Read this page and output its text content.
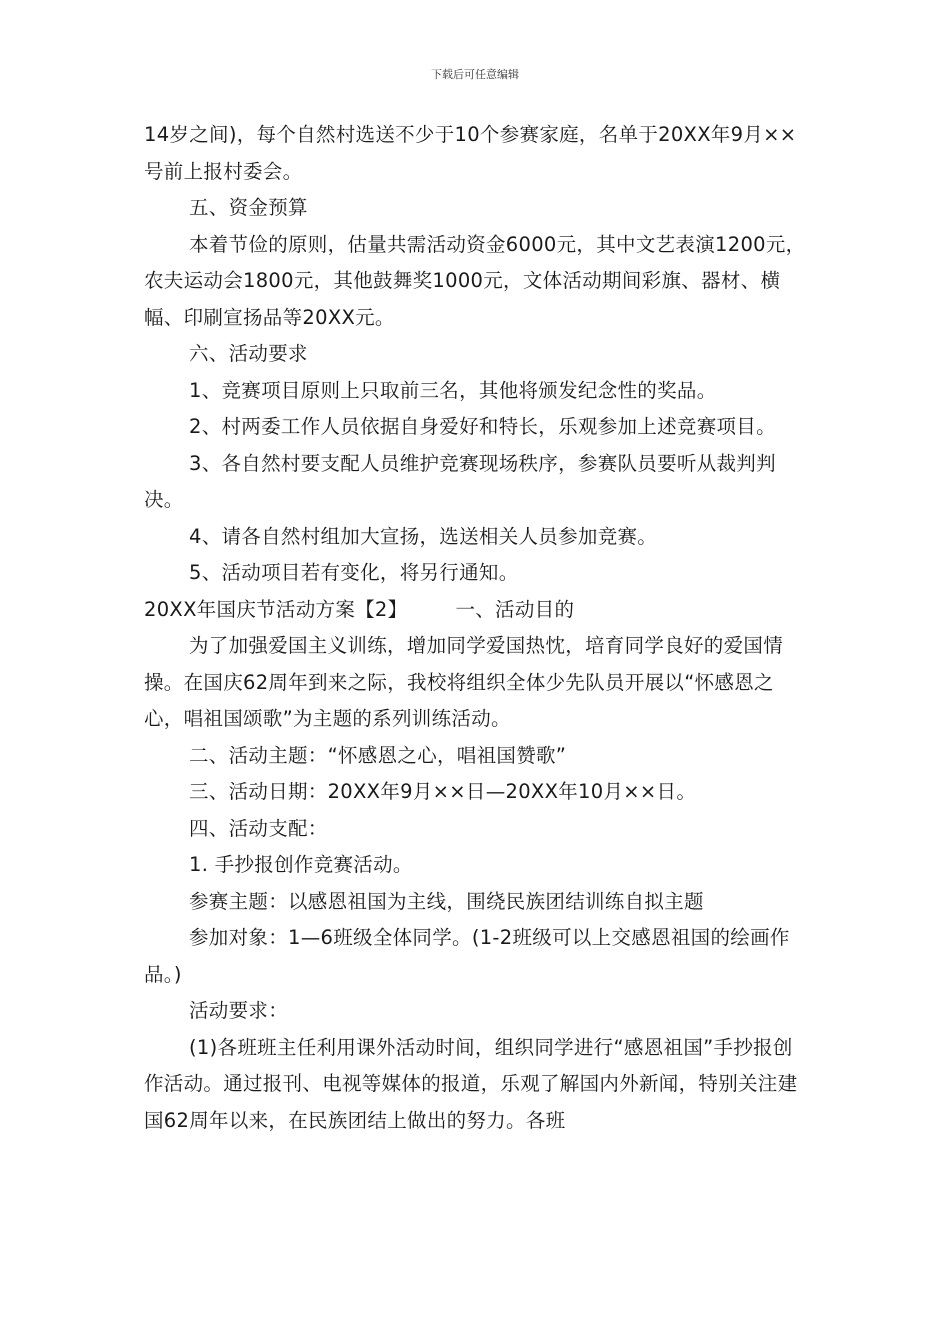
下载后可任意编辑

14岁之间)，每个自然村选送不少于10个参赛家庭，名单于20XX年9月××号前上报村委会。

五、资金预算

本着节俭的原则，估量共需活动资金6000元，其中文艺表演1200元，农夫运动会1800元，其他鼓舞奖1000元，文体活动期间彩旗、器材、横幅、印刷宣扬品等20XX元。

六、活动要求

1、竞赛项目原则上只取前三名，其他将颁发纪念性的奖品。

2、村两委工作人员依据自身爱好和特长，乐观参加上述竞赛项目。

3、各自然村要支配人员维护竞赛现场秩序，参赛队员要听从裁判判决。

4、请各自然村组加大宣扬，选送相关人员参加竞赛。

5、活动项目若有变化，将另行通知。

20XX年国庆节活动方案【2】 一、活动目的

为了加强爱国主义训练，增加同学爱国热忱，培育同学良好的爱国情操。在国庆62周年到来之际，我校将组织全体少先队员开展以“怀感恩之心，唱祖国颂歌”为主题的系列训练活动。

二、活动主题：“怀感恩之心，唱祖国赞歌”

三、活动日期：20XX年9月××日—20XX年10月××日。

四、活动支配：

1. 手抄报创作竞赛活动。

参赛主题：以感恩祖国为主线，围绕民族团结训练自拟主题

参加对象：1—6班级全体同学。(1-2班级可以上交感恩祖国的绘画作品。)

活动要求：

(1)各班班主任利用课外活动时间，组织同学进行“感恩祖国”手抄报创作活动。通过报刊、电视等媒体的报道，乐观了解国内外新闻，特别关注建国62周年以来，在民族团结上做出的努力。各班
